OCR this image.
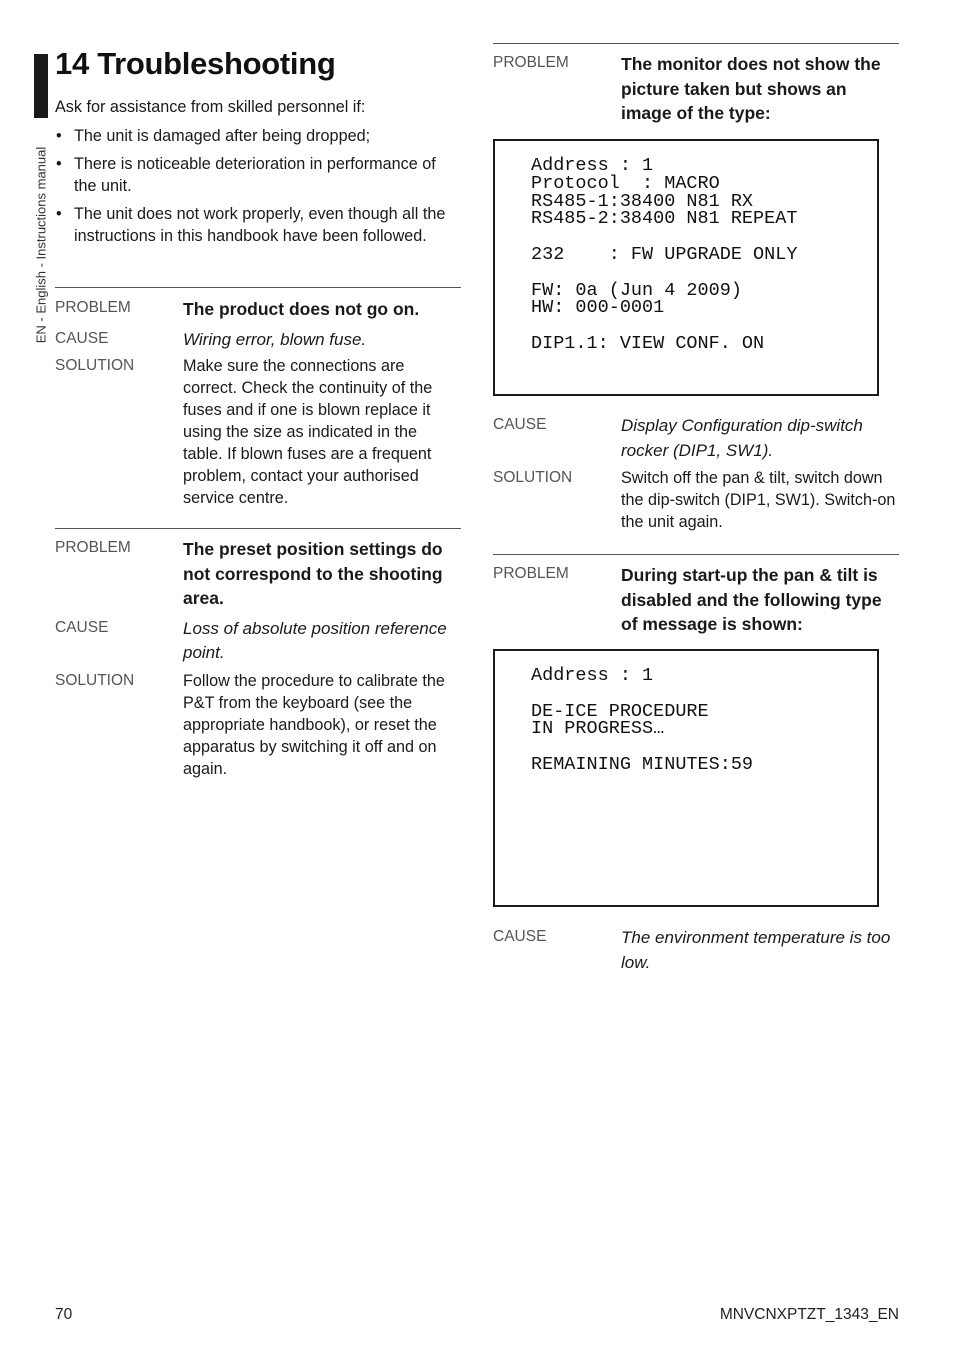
EN - English - Instructions manual
14 Troubleshooting

Ask for assistance from skilled personnel if:

• The unit is damaged after being dropped;
• There is noticeable deterioration in performance of the unit.
• The unit does not work properly, even though all the instructions in this handbook have been followed.
PROBLEM	The product does not go on.
CAUSE	Wiring error, blown fuse.
SOLUTION	Make sure the connections are correct. Check the continuity of the fuses and if one is blown replace it using the size as indicated in the table. If blown fuses are a frequent problem, contact your authorised service centre.
PROBLEM	The preset position settings do not correspond to the shooting area.
CAUSE	Loss of absolute position reference point.
SOLUTION	Follow the procedure to calibrate the P&T from the keyboard (see the appropriate handbook), or reset the apparatus by switching it off and on again.
PROBLEM	The monitor does not show the picture taken but shows an image of the type:
Address : 1
Protocol  : MACRO
RS485-1:38400 N81 RX
RS485-2:38400 N81 REPEAT

232    : FW UPGRADE ONLY

FW: 0a (Jun 4 2009)
HW: 000-0001

DIP1.1: VIEW CONF. ON
CAUSE	Display Configuration dip-switch rocker (DIP1, SW1).
SOLUTION	Switch off the pan & tilt, switch down the dip-switch (DIP1, SW1). Switch-on the unit again.
PROBLEM	During start-up the pan & tilt is disabled and the following type of message is shown:
Address : 1

DE-ICE PROCEDURE
IN PROGRESS…

REMAINING MINUTES:59
CAUSE	The environment temperature is too low.
70	MNVCNXPTZT_1343_EN
